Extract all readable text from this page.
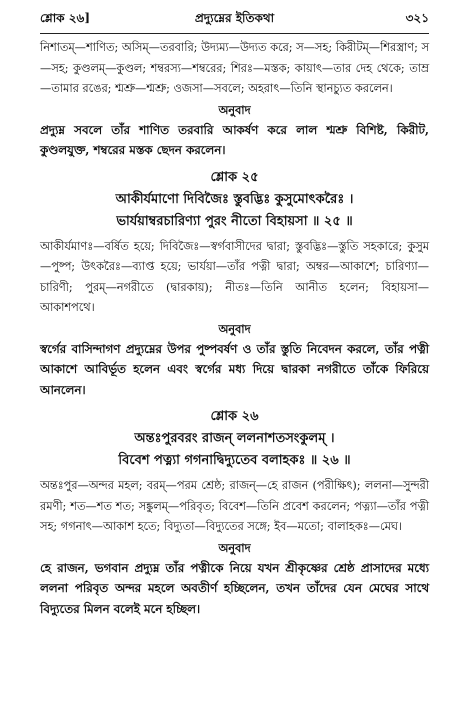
শ্লোক ২৬]	প্রদ্যুম্নের ইতিকথা	৩২১

নিশাতম্—শাণিত; অসিম্—তরবারি; উদ্যম্য—উদ্যত করে; স—সহ; কিরীটম্—শিরস্ত্রাণ; স—সহ; কুণ্ডলম্—কুণ্ডল; শম্বরস্য—শম্বরের; শিরঃ—মস্তক; কায়াৎ—তার দেহ থেকে; তাম্র—তামার রঙের; শ্মশ্রু—শ্মশ্রু; ওজসা—সবলে; অহরাৎ—তিনি স্থানচ্যুত করলেন।

অনুবাদ

প্রদ্যুম্ন সবলে তাঁর শাণিত তরবারি আকর্ষণ করে লাল শ্মশ্রু বিশিষ্ট, কিরীট, কুণ্ডলযুক্ত, শম্বরের মস্তক ছেদন করলেন।

শ্লোক ২৫
আকীর্যমাণো দিবিজৈঃ স্তুবদ্ভিঃ কুসুমোৎকরৈঃ ।
ভার্যয়াম্বরচারিণ্যা পুরং নীতো বিহায়সা ॥ ২৫ ॥

আকীর্যমাণঃ—বর্ষিত হয়ে; দিবিজৈঃ—স্বর্গবাসীদের দ্বারা; স্তুবদ্ভিঃ—স্তুতি সহকারে; কুসুম—পুষ্প; উৎকরৈঃ—ব্যাপ্ত হয়ে; ভার্যয়া—তাঁর পত্নী দ্বারা; অম্বর—আকাশে; চারিণ্যা—চারিণী; পুরম্—নগরীতে (দ্বারকায়); নীতঃ—তিনি আনীত হলেন; বিহায়সা—আকাশপথে।

অনুবাদ

স্বর্গের বাসিন্দাগণ প্রদ্যুম্নের উপর পুষ্পবর্ষণ ও তাঁর স্তুতি নিবেদন করলে, তাঁর পত্নী আকাশে আবির্ভূত হলেন এবং স্বর্গের মধ্য দিয়ে দ্বারকা নগরীতে তাঁকে ফিরিয়ে আনলেন।

শ্লোক ২৬
অন্তঃপুরবরং রাজন্ ললনাশতসংকুলম্ ।
বিবেশ পত্ন্যা গগনাদ্বিদ্যুতেব বলাহকঃ ॥ ২৬ ॥

অন্তঃপুর—অন্দর মহল; বরম্—পরম শ্রেষ্ঠ; রাজন্—হে রাজন (পরীক্ষিৎ); ললনা—সুন্দরী রমণী; শত—শত শত; সঙ্কুলম্—পরিবৃত; বিবেশ—তিনি প্রবেশ করলেন; পত্ন্যা—তাঁর পত্নী সহ; গগনাৎ—আকাশ হতে; বিদ্যুতা—বিদ্যুতের সঙ্গে; ইব—মতো; বালাহকঃ—মেঘ।

অনুবাদ

হে রাজন, ভগবান প্রদ্যুম্ন তাঁর পত্নীকে নিয়ে যখন শ্রীকৃষ্ণের শ্রেষ্ঠ প্রাসাদের মধ্যে ললনা পরিবৃত অন্দর মহলে অবতীর্ণ হচ্ছিলেন, তখন তাঁদের যেন মেঘের সাথে বিদ্যুতের মিলন বলেই মনে হচ্ছিল।
